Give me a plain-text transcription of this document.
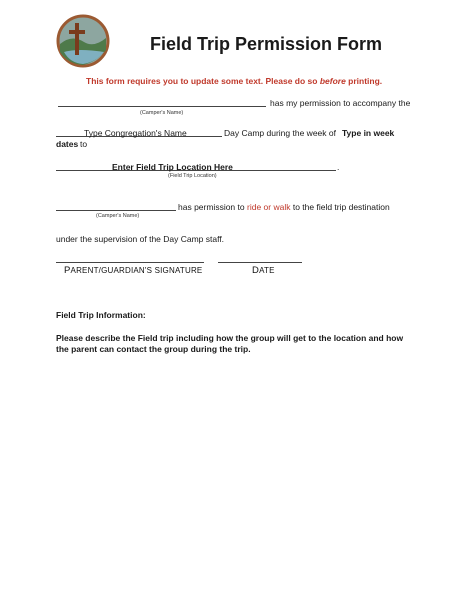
Field Trip Permission Form
This form requires you to update some text. Please do so before printing.
has my permission to accompany the
(Camper's Name)
Type Congregation's Name	Day Camp during the week of Type in week
dates to
Enter Field Trip Location Here	.
(Field Trip Location)
has permission to ride or walk to the field trip destination
(Camper's Name)
under the supervision of the Day Camp staff.
PARENT/GUARDIAN'S SIGNATURE	DATE
Field Trip Information:
Please describe the Field trip including how the group will get to the location and how
the parent can contact the group during the trip.
